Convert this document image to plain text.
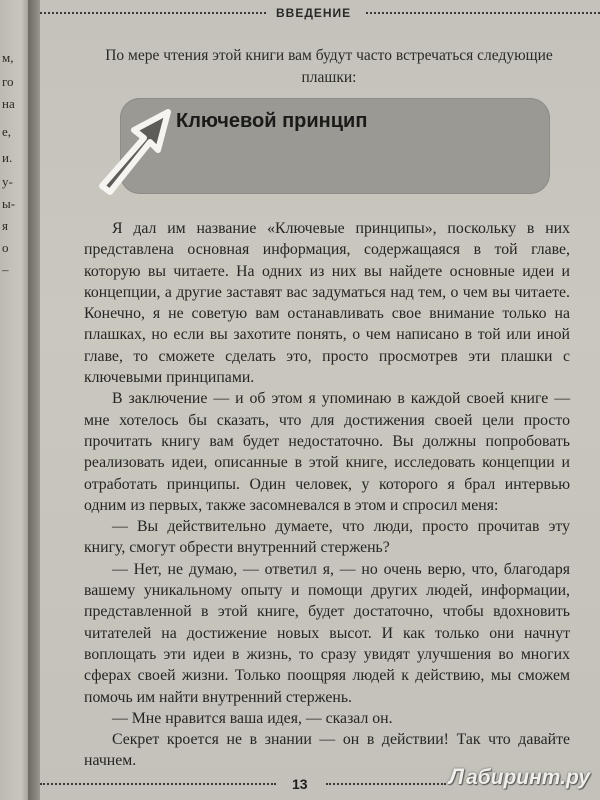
м,
го
на
е,
и.
у-
ы-
я
о
–
ВВЕДЕНИЕ
По мере чтения этой книги вам будут часто встречаться следующие плашки:
Ключевой принцип

Я дал им название «Ключевые принципы», поскольку в них представлена основная информация, содержащаяся в той главе, которую вы читаете. На одних из них вы найдете основные идеи и концепции, а другие заставят вас задуматься над тем, о чем вы читаете. Конечно, я не советую вам останавливать свое внимание только на плашках, но если вы захотите понять, о чем написано в той или иной главе, то сможете сделать это, просто просмотрев эти плашки с ключевыми принципами.

В заключение — и об этом я упоминаю в каждой своей книге — мне хотелось бы сказать, что для достижения своей цели просто прочитать книгу вам будет недостаточно. Вы должны попробовать реализовать идеи, описанные в этой книге, исследовать концепции и отработать принципы. Один человек, у которого я брал интервью одним из первых, также засомневался в этом и спросил меня:

— Вы действительно думаете, что люди, просто прочитав эту книгу, смогут обрести внутренний стержень?

— Нет, не думаю, — ответил я, — но очень верю, что, благодаря вашему уникальному опыту и помощи других людей, информации, представленной в этой книге, будет достаточно, чтобы вдохновить читателей на достижение новых высот. И как только они начнут воплощать эти идеи в жизнь, то сразу увидят улучшения во многих сферах своей жизни. Только поощряя людей к действию, мы сможем помочь им найти внутренний стержень.

— Мне нравится ваша идея, — сказал он.

Секрет кроется не в знании — он в действии! Так что давайте начнем.

13	Лабиринт.ру
